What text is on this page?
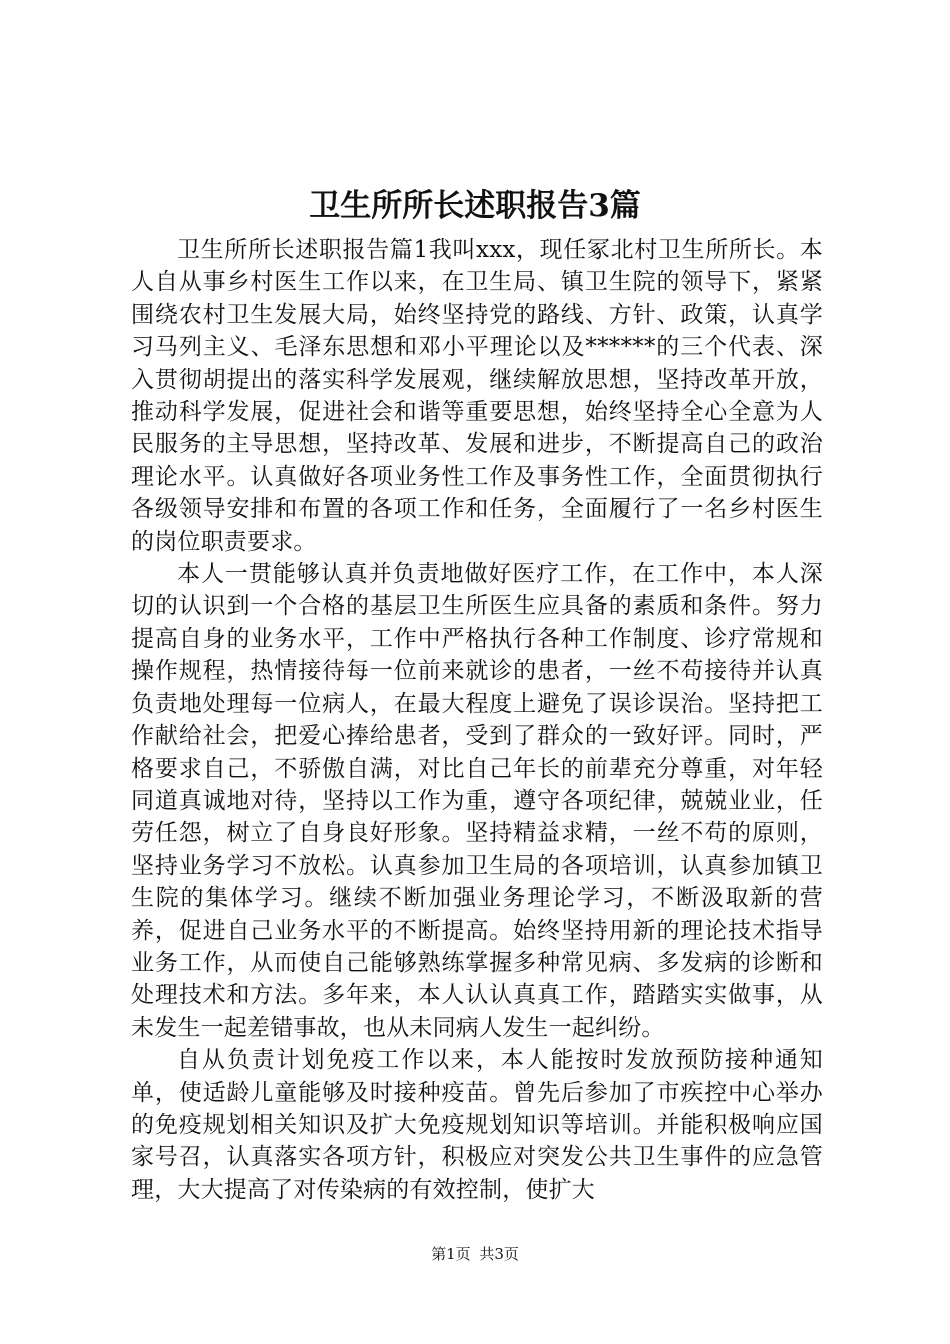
卫生所所长述职报告3篇

卫生所所长述职报告篇1我叫xxx，现任冢北村卫生所所长。本人自从事乡村医生工作以来，在卫生局、镇卫生院的领导下，紧紧围绕农村卫生发展大局，始终坚持党的路线、方针、政策，认真学习马列主义、毛泽东思想和邓小平理论以及******的三个代表、深入贯彻胡提出的落实科学发展观，继续解放思想，坚持改革开放，推动科学发展，促进社会和谐等重要思想，始终坚持全心全意为人民服务的主导思想，坚持改革、发展和进步，不断提高自己的政治理论水平。认真做好各项业务性工作及事务性工作，全面贯彻执行各级领导安排和布置的各项工作和任务，全面履行了一名乡村医生的岗位职责要求。

本人一贯能够认真并负责地做好医疗工作，在工作中，本人深切的认识到一个合格的基层卫生所医生应具备的素质和条件。努力提高自身的业务水平，工作中严格执行各种工作制度、诊疗常规和操作规程，热情接待每一位前来就诊的患者，一丝不苟接待并认真负责地处理每一位病人，在最大程度上避免了误诊误治。坚持把工作献给社会，把爱心捧给患者，受到了群众的一致好评。同时，严格要求自己，不骄傲自满，对比自己年长的前辈充分尊重，对年轻同道真诚地对待，坚持以工作为重，遵守各项纪律，兢兢业业，任劳任怨，树立了自身良好形象。坚持精益求精，一丝不苟的原则，坚持业务学习不放松。认真参加卫生局的各项培训，认真参加镇卫生院的集体学习。继续不断加强业务理论学习，不断汲取新的营养，促进自己业务水平的不断提高。始终坚持用新的理论技术指导业务工作，从而使自己能够熟练掌握多种常见病、多发病的诊断和处理技术和方法。多年来，本人认认真真工作，踏踏实实做事，从未发生一起差错事故，也从未同病人发生一起纠纷。

自从负责计划免疫工作以来，本人能按时发放预防接种通知单，使适龄儿童能够及时接种疫苗。曾先后参加了市疾控中心举办的免疫规划相关知识及扩大免疫规划知识等培训。并能积极响应国家号召，认真落实各项方针，积极应对突发公共卫生事件的应急管理，大大提高了对传染病的有效控制，使扩大

第1页 共3页
